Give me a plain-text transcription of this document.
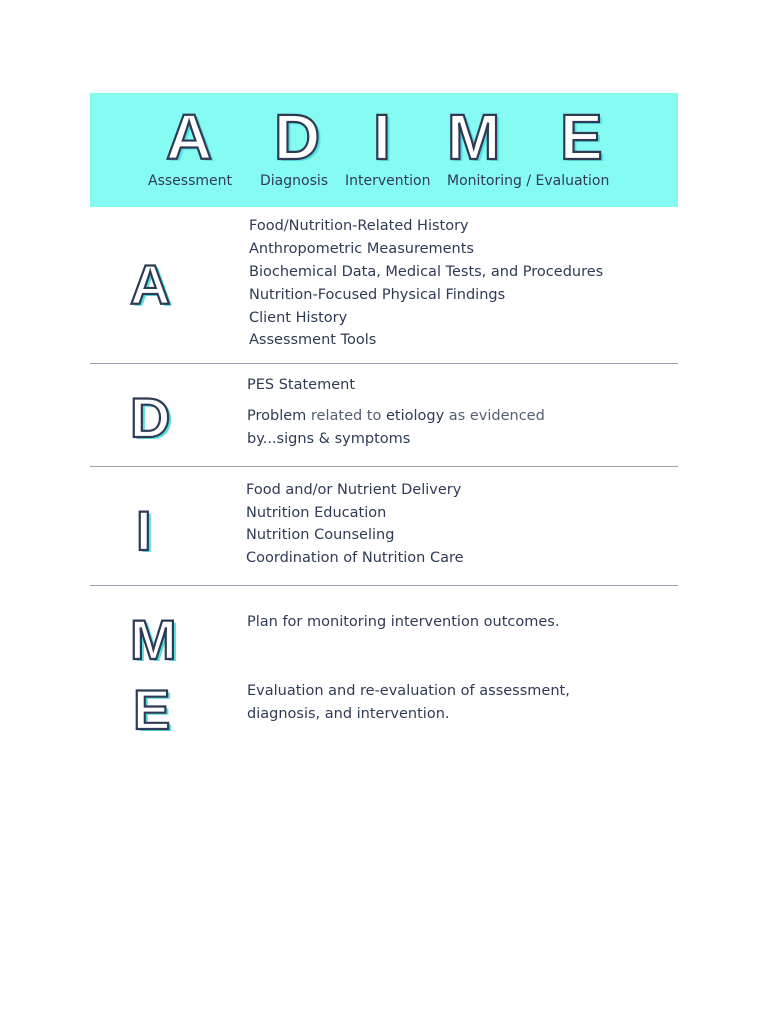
A D I M E
Assessment Diagnosis Intervention Monitoring / Evaluation
A
Food/Nutrition-Related History
Anthropometric Measurements
Biochemical Data, Medical Tests, and Procedures
Nutrition-Focused Physical Findings
Client History
Assessment Tools
D
PES Statement
Problem related to etiology as evidenced
by...signs & symptoms
I
Food and/or Nutrient Delivery
Nutrition Education
Nutrition Counseling
Coordination of Nutrition Care
M	Plan for monitoring intervention outcomes.
E	Evaluation and re-evaluation of assessment,
diagnosis, and intervention.
